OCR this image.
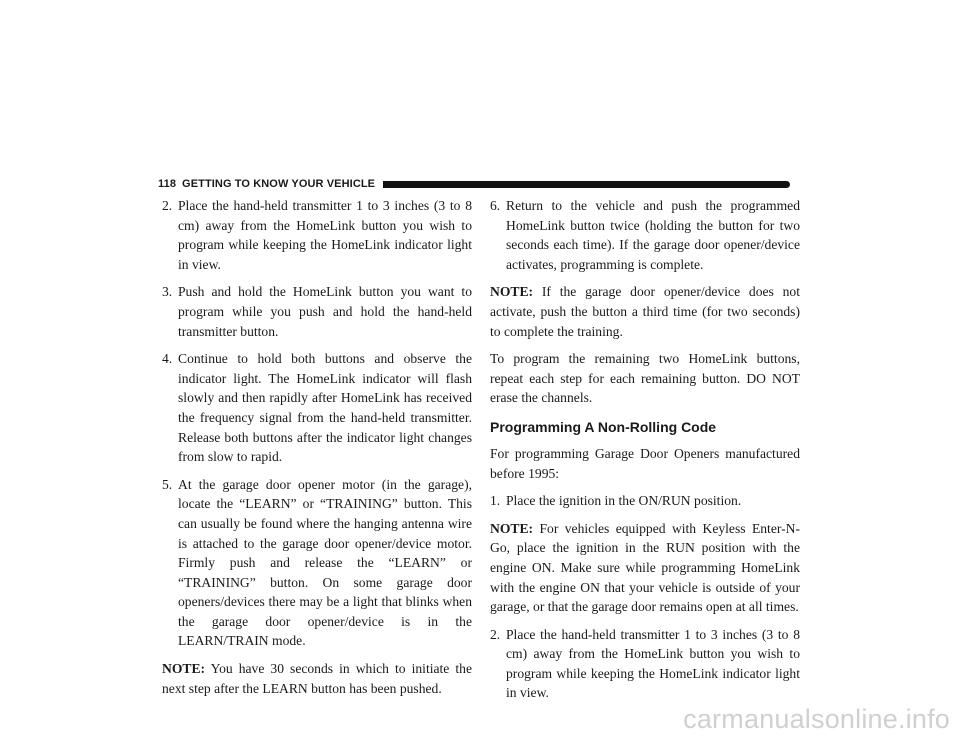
118 GETTING TO KNOW YOUR VEHICLE
2. Place the hand-held transmitter 1 to 3 inches (3 to 8 cm) away from the HomeLink button you wish to program while keeping the HomeLink indicator light in view.
3. Push and hold the HomeLink button you want to program while you push and hold the hand-held transmitter button.
4. Continue to hold both buttons and observe the indicator light. The HomeLink indicator will flash slowly and then rapidly after HomeLink has received the frequency signal from the hand-held transmitter. Release both buttons after the indicator light changes from slow to rapid.
5. At the garage door opener motor (in the garage), locate the “LEARN” or “TRAINING” button. This can usually be found where the hanging antenna wire is attached to the garage door opener/device motor. Firmly push and release the “LEARN” or “TRAINING” button. On some garage door openers/devices there may be a light that blinks when the garage door opener/device is in the LEARN/TRAIN mode.

NOTE: You have 30 seconds in which to initiate the next step after the LEARN button has been pushed.

6. Return to the vehicle and push the programmed HomeLink button twice (holding the button for two seconds each time). If the garage door opener/device activates, programming is complete.

NOTE: If the garage door opener/device does not activate, push the button a third time (for two seconds) to complete the training.

To program the remaining two HomeLink buttons, repeat each step for each remaining button. DO NOT erase the channels.

Programming A Non-Rolling Code

For programming Garage Door Openers manufactured before 1995:

1. Place the ignition in the ON/RUN position.

NOTE: For vehicles equipped with Keyless Enter-N-Go, place the ignition in the RUN position with the engine ON. Make sure while programming HomeLink with the engine ON that your vehicle is outside of your garage, or that the garage door remains open at all times.

2. Place the hand-held transmitter 1 to 3 inches (3 to 8 cm) away from the HomeLink button you wish to program while keeping the HomeLink indicator light in view.
carmanualsonline.info
